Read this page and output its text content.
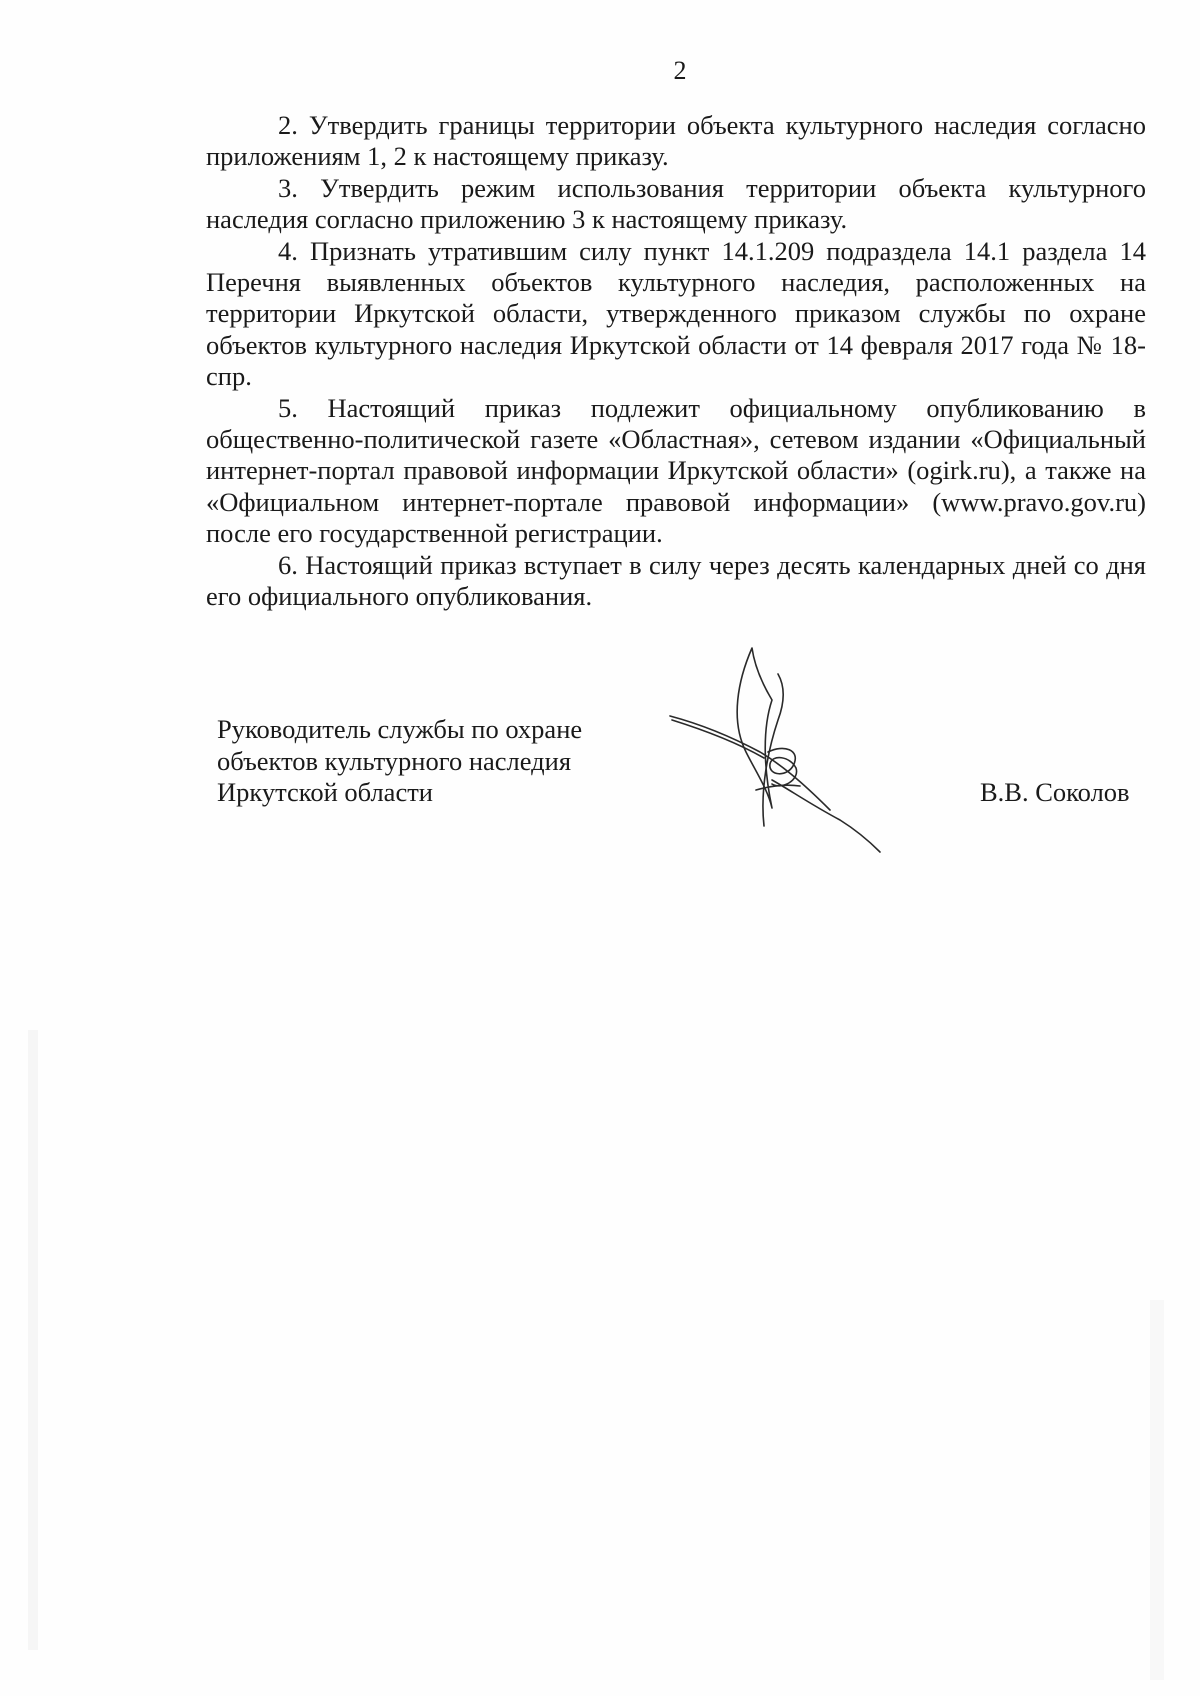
2

2. Утвердить границы территории объекта культурного наследия согласно приложениям 1, 2 к настоящему приказу.

3. Утвердить режим использования территории объекта культурного наследия согласно приложению 3 к настоящему приказу.

4. Признать утратившим силу пункт 14.1.209 подраздела 14.1 раздела 14 Перечня выявленных объектов культурного наследия, расположенных на территории Иркутской области, утвержденного приказом службы по охране объектов культурного наследия Иркутской области от 14 февраля 2017 года № 18-спр.

5. Настоящий приказ подлежит официальному опубликованию в общественно-политической газете «Областная», сетевом издании «Официальный интернет-портал правовой информации Иркутской области» (ogirk.ru), а также на «Официальном интернет-портале правовой информации» (www.pravo.gov.ru) после его государственной регистрации.

6. Настоящий приказ вступает в силу через десять календарных дней со дня его официального опубликования.

Руководитель службы по охране
объектов культурного наследия
Иркутской области	В.В. Соколов
